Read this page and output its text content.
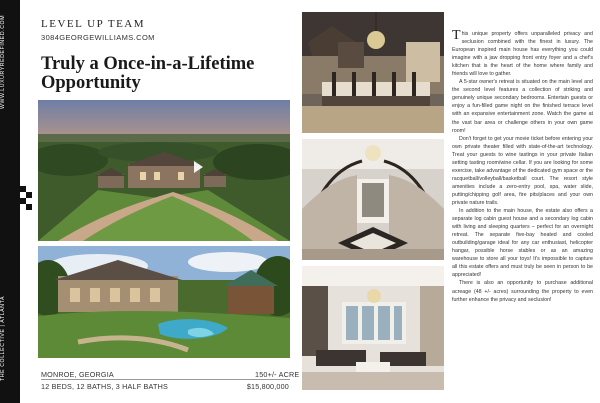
WWW.LUXURYREDEFINED.COM
THE COLLECTIVE | ATLANTA
LEVEL UP TEAM
3084GEORGEWILLIAMS.COM
Truly a Once-in-a-Lifetime Opportunity
MONROE, GEORGIA	150+/- ACRE
12 BEDS, 12 BATHS, 3 HALF BATHS	$15,800,000

This unique property offers unparalleled privacy and seclusion combined with the finest in luxury. The European inspired main house has everything you could imagine with a jaw dropping front entry foyer and a chef's kitchen that is the heart of the home where family and friends will love to gather.

A 5-star owner's retreat is situated on the main level and the second level features a collection of striking and genuinely unique secondary bedrooms. Entertain guests or enjoy a fun-filled game night on the finished terrace level with an expansive entertainment zone. Watch the game at the vast bar area or challenge others in your own game room!

Don't forget to get your movie ticket before entering your own private theater filled with state-of-the-art technology. Treat your guests to wine tastings in your private Italian setting tasting room/wine cellar. If you are looking for some exercise, take advantage of the dedicated gym space or the racquetball/volleyball/basketball court. The resort style amenities include a zero-entry pool, spa, water slide, putting/chipping golf area, fire pits/places and your own private nature trails.

In addition to the main house, the estate also offers a separate log cabin guest house and a secondary log cabin with living and sleeping quarters – perfect for an overnight retreat. The separate five-bay heated and cooled outbuilding/garage ideal for any car enthusiast, helicopter hangar, possible horse stables or as an amazing warehouse to store all your toys! It's impossible to capture all this estate offers and must truly be seen in person to be appreciated!

There is also an opportunity to purchase additional acreage (48 +/- acres) surrounding the property to even further enhance the privacy and seclusion!
